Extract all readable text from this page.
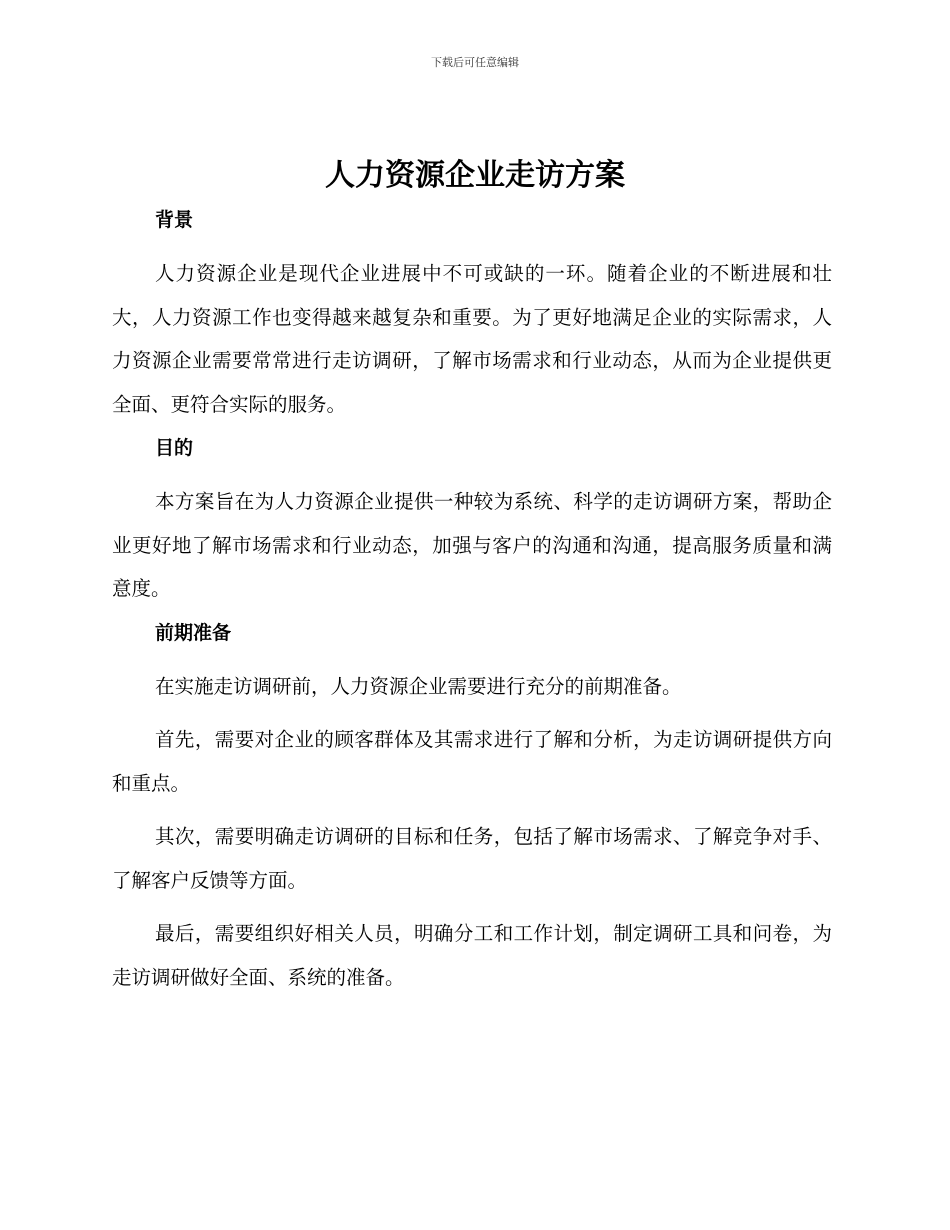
下载后可任意编辑
人力资源企业走访方案
背景

人力资源企业是现代企业进展中不可或缺的一环。随着企业的不断进展和壮大，人力资源工作也变得越来越复杂和重要。为了更好地满足企业的实际需求，人力资源企业需要常常进行走访调研，了解市场需求和行业动态，从而为企业提供更全面、更符合实际的服务。

目的

本方案旨在为人力资源企业提供一种较为系统、科学的走访调研方案，帮助企业更好地了解市场需求和行业动态，加强与客户的沟通和沟通，提高服务质量和满意度。

前期准备

在实施走访调研前，人力资源企业需要进行充分的前期准备。

首先，需要对企业的顾客群体及其需求进行了解和分析，为走访调研提供方向和重点。

其次，需要明确走访调研的目标和任务，包括了解市场需求、了解竞争对手、了解客户反馈等方面。

最后，需要组织好相关人员，明确分工和工作计划，制定调研工具和问卷，为走访调研做好全面、系统的准备。
